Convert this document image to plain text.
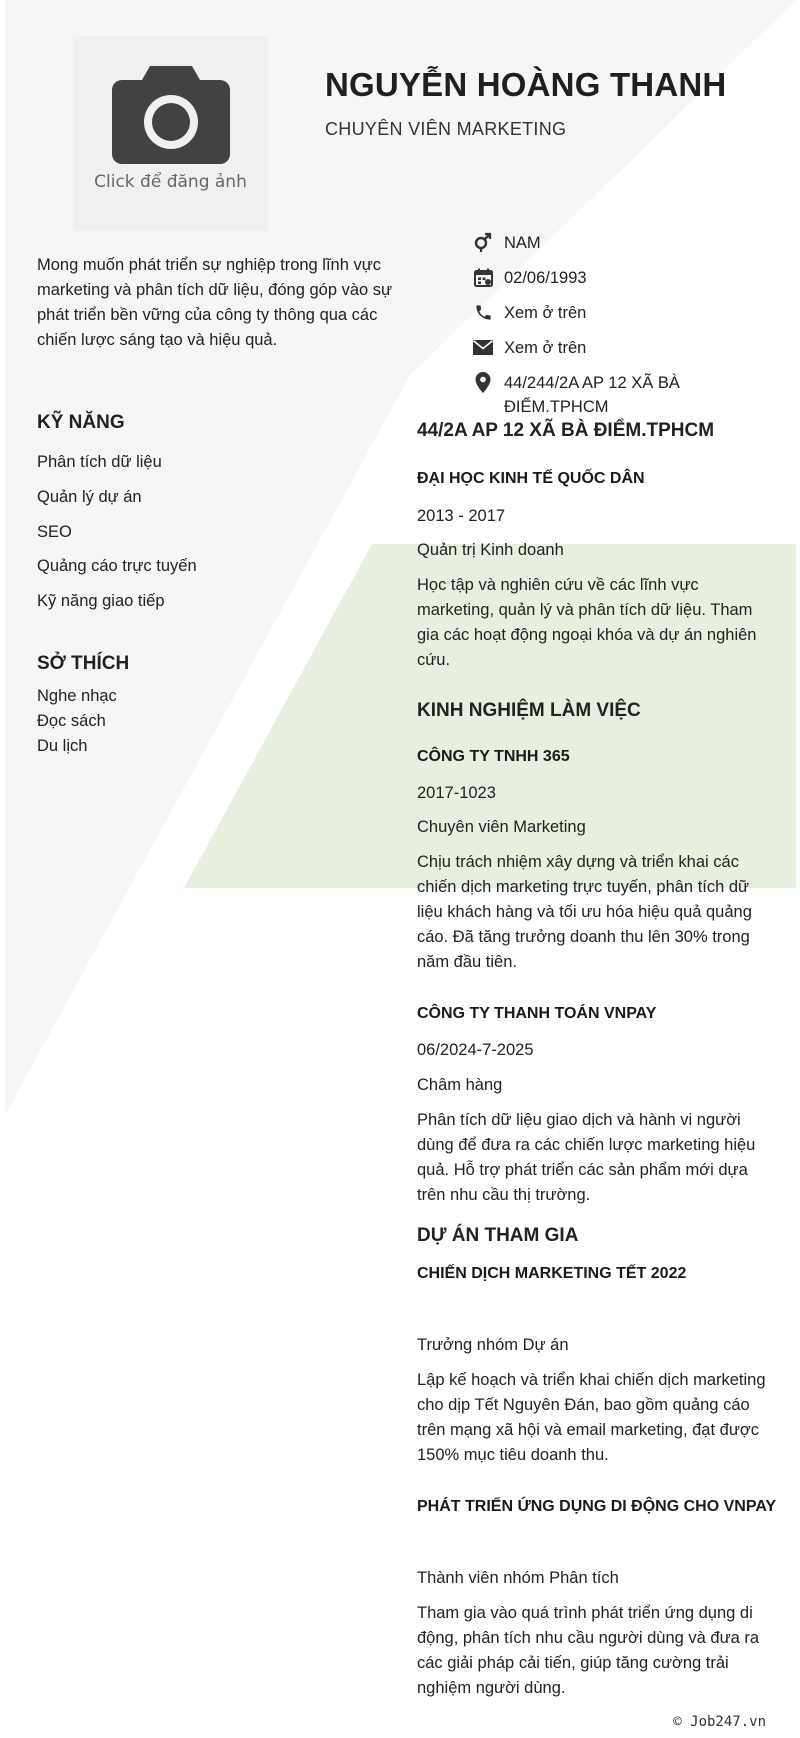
Click để đăng ảnh
NGUYỄN HOÀNG THANH
CHUYÊN VIÊN MARKETING
Mong muốn phát triển sự nghiệp trong lĩnh vực marketing và phân tích dữ liệu, đóng góp vào sự phát triển bền vững của công ty thông qua các chiến lược sáng tạo và hiệu quả.
NAM
02/06/1993
Xem ở trên
Xem ở trên
44/244/2A AP 12 XÃ BÀ ĐIỂM.TPHCM
KỸ NĂNG
Phân tích dữ liệu
Quản lý dự án
SEO
Quảng cáo trực tuyến
Kỹ năng giao tiếp
SỞ THÍCH
Nghe nhạc
Đọc sách
Du lịch
44/2A AP 12 XÃ BÀ ĐIỂM.TPHCM
ĐẠI HỌC KINH TẾ QUỐC DÂN
2013 - 2017
Quản trị Kinh doanh
Học tập và nghiên cứu về các lĩnh vực marketing, quản lý và phân tích dữ liệu. Tham gia các hoạt động ngoại khóa và dự án nghiên cứu.
KINH NGHIỆM LÀM VIỆC
CÔNG TY TNHH 365
2017-1023
Chuyên viên Marketing
Chịu trách nhiệm xây dựng và triển khai các chiến dịch marketing trực tuyến, phân tích dữ liệu khách hàng và tối ưu hóa hiệu quả quảng cáo. Đã tăng trưởng doanh thu lên 30% trong năm đầu tiên.
CÔNG TY THANH TOÁN VNPAY
06/2024-7-2025
Châm hàng
Phân tích dữ liệu giao dịch và hành vi người dùng để đưa ra các chiến lược marketing hiệu quả. Hỗ trợ phát triển các sản phẩm mới dựa trên nhu cầu thị trường.
DỰ ÁN THAM GIA
CHIẾN DỊCH MARKETING TẾT 2022
Trưởng nhóm Dự án
Lập kế hoạch và triển khai chiến dịch marketing cho dịp Tết Nguyên Đán, bao gồm quảng cáo trên mạng xã hội và email marketing, đạt được 150% mục tiêu doanh thu.
PHÁT TRIỂN ỨNG DỤNG DI ĐỘNG CHO VNPAY
Thành viên nhóm Phân tích
Tham gia vào quá trình phát triển ứng dụng di động, phân tích nhu cầu người dùng và đưa ra các giải pháp cải tiến, giúp tăng cường trải nghiệm người dùng.
© Job247.vn
